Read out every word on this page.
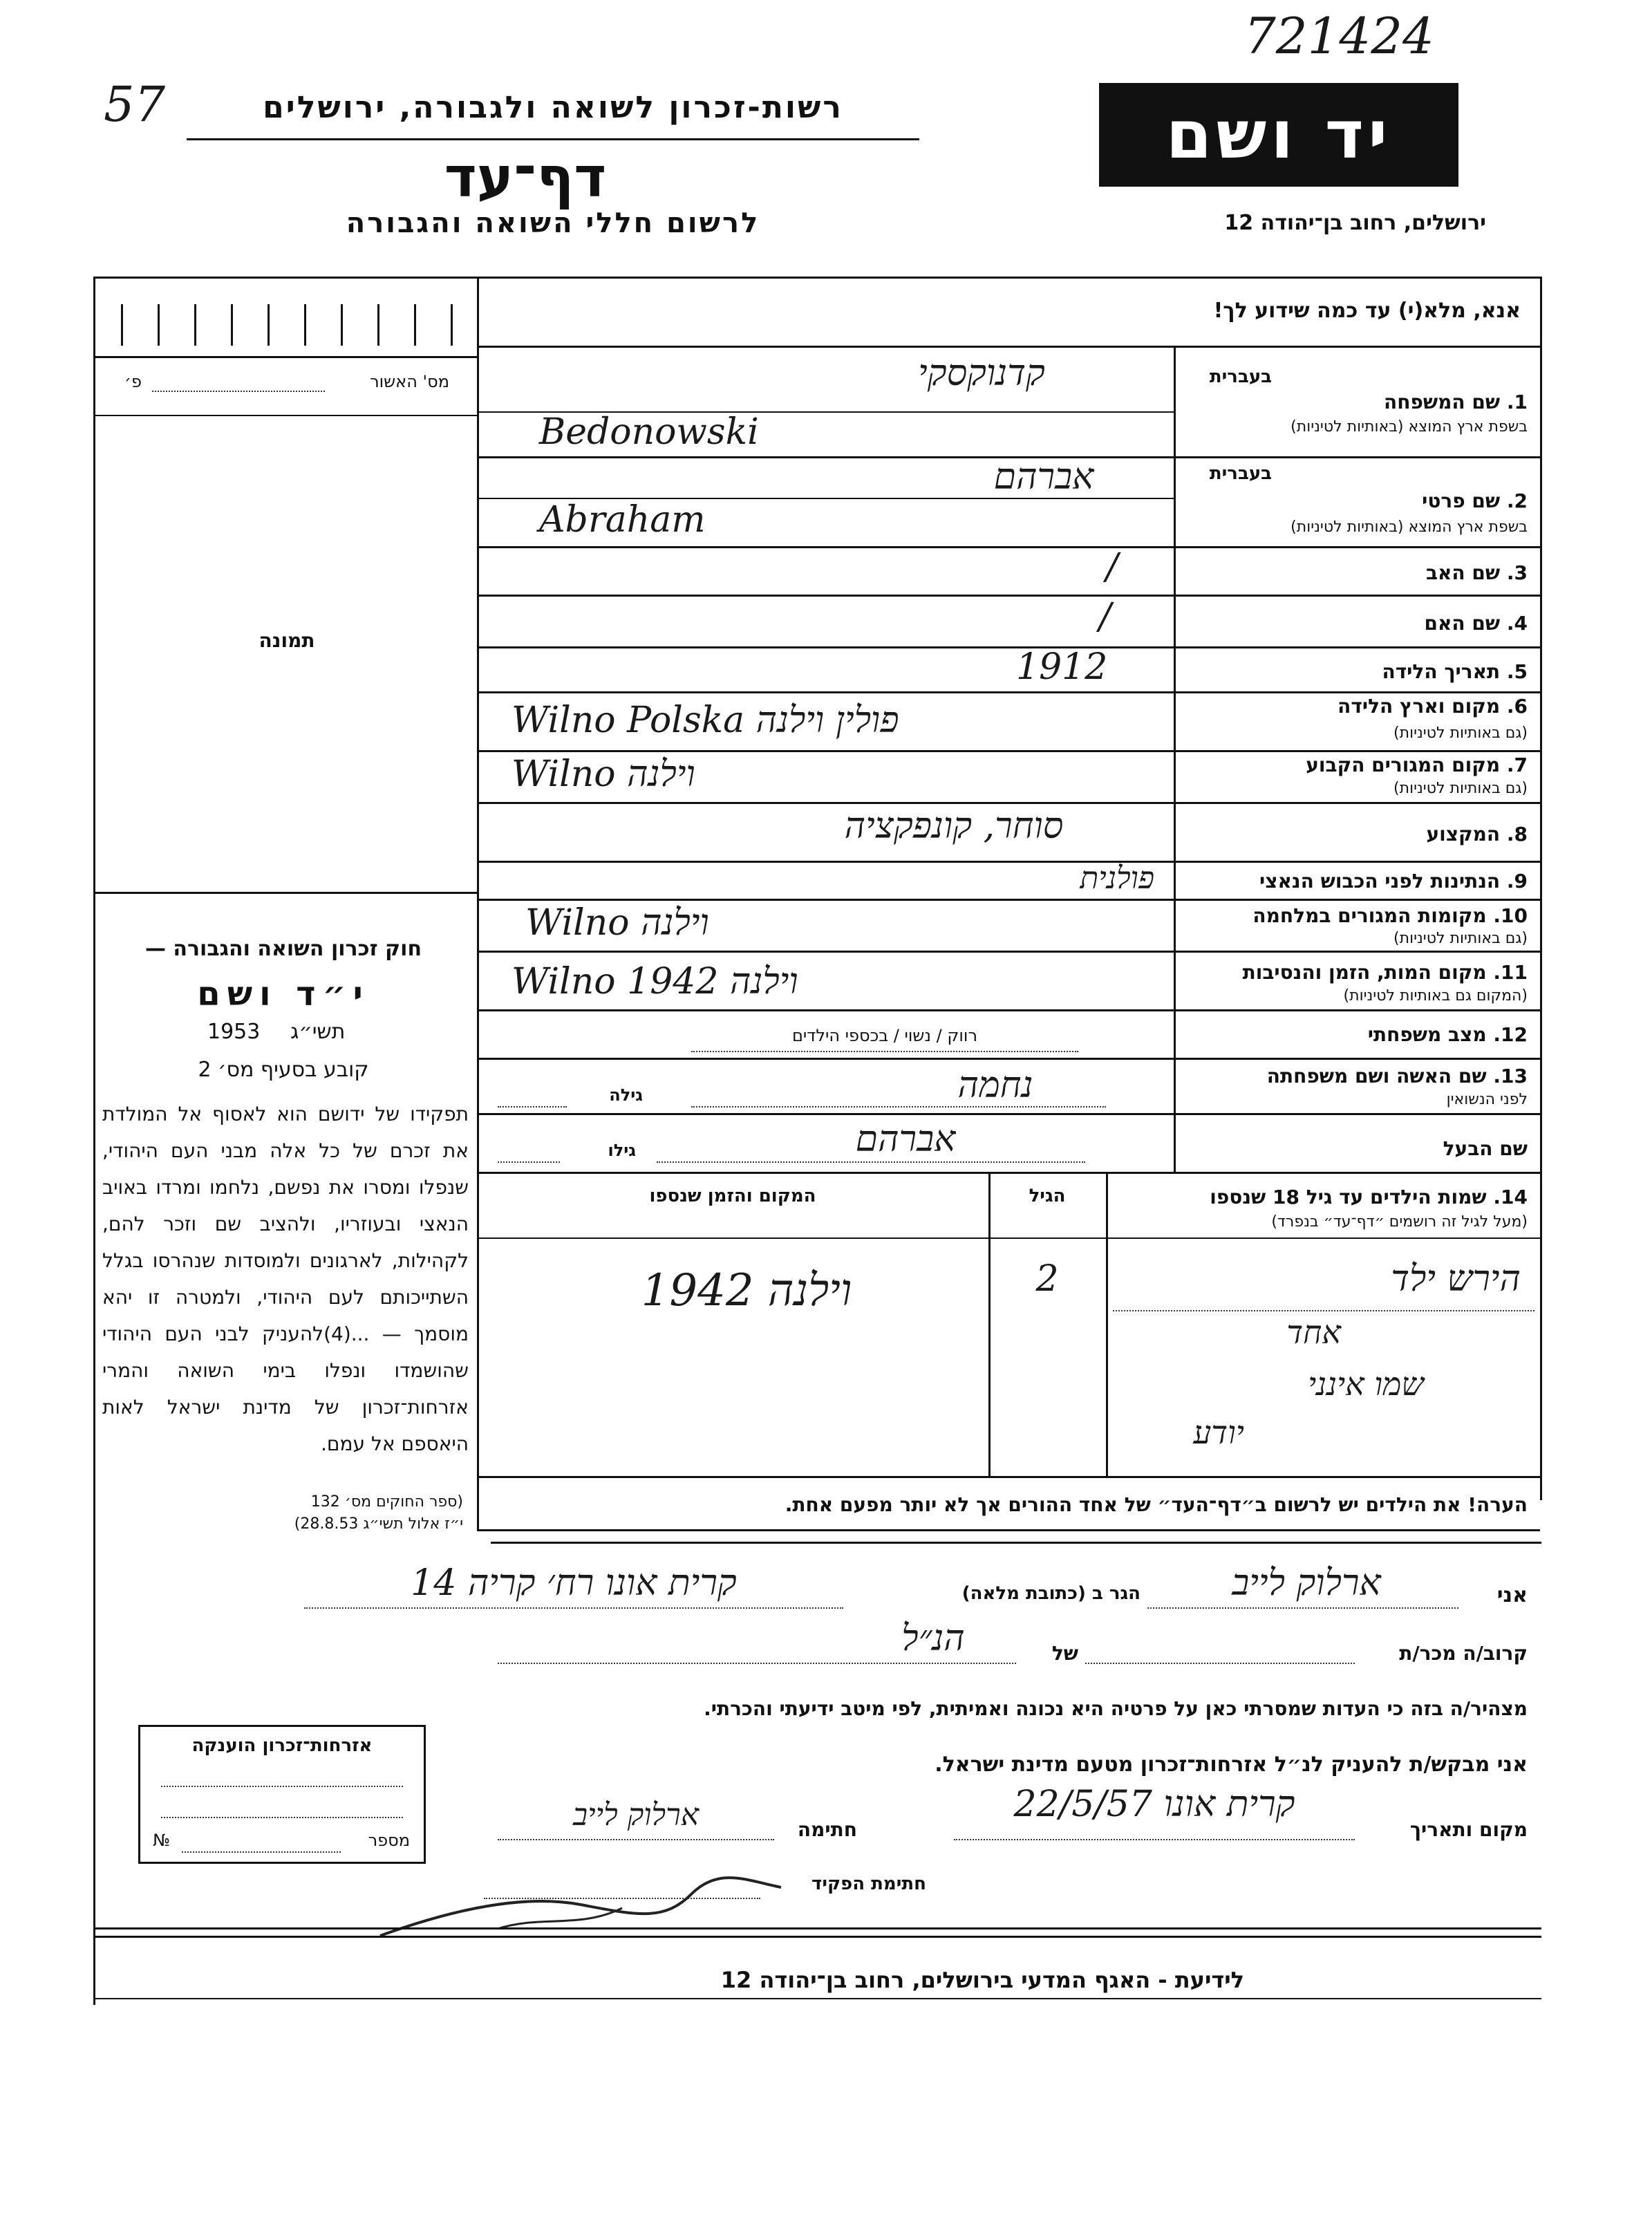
721424
57	רשות-זכרון לשואה ולגבורה, ירושלים
דף־עד
לרשום חללי השואה והגבורה
יד ושם
ירושלים, רחוב בן־יהודה 12
מס' האשור
פ׳
תמונה
חוק זכרון השואה והגבורה —
י״ד ושם
1953 תשי״ג
קובע בסעיף מס׳ 2
תפקידו של ידושם הוא לאסוף אל המולדת את זכרם של כל אלה מבני העם היהודי, שנפלו ומסרו את נפשם, נלחמו ומרדו באויב הנאצי ובעוזריו, ולהציב שם וזכר להם, לקהילות, לארגונים ולמוסדות שנהרסו בגלל השתייכותם לעם היהודי, ולמטרה זו יהא מוסמך — ...(4)להעניק לבני העם היהודי שהושמדו ונפלו בימי השואה והמרי אזרחות־זכרון של מדינת ישראל לאות היאספם אל עמם.
(ספר החוקים מס׳ 132
י״ז אלול תשי״ג 28.8.53)
אנא, מלא(י) עד כמה שידוע לך!
בעברית
1. שם המשפחה
בשפת ארץ המוצא (באותיות לטיניות)
קדנוקסקי
Bedonowski
בעברית
2. שם פרטי
בשפת ארץ המוצא (באותיות לטיניות)
אברהם
Abraham
3. שם האב
/
4. שם האם
/
5. תאריך הלידה
1912
6. מקום וארץ הלידה
(גם באותיות לטיניות)
Wilno Polska פולין וילנה
7. מקום המגורים הקבוע
(גם באותיות לטיניות)
Wilno וילנה
8. המקצוע
סוחר, קונפקציה
9. הנתינות לפני הכבוש הנאצי
פולנית
10. מקומות המגורים במלחמה
(גם באותיות לטיניות)
Wilno וילנה
11. מקום המות, הזמן והנסיבות
(המקום גם באותיות לטיניות)
Wilno 1942 וילנה
12. מצב משפחתי
רווק / נשוי / בכספי הילדים
13. שם האשה ושם משפחתה
לפני הנשואין
נחמה
גילה
שם הבעל
אברהם
גילו
14. שמות הילדים עד גיל 18 שנספו
(מעל לגיל זה רושמים ״דף־עד״ בנפרד)
הגיל
המקום והזמן שנספו
הירש ילד
2
וילנה 1942
אחד
שמו אינני
יודע
הערה! את הילדים יש לרשום ב״דף־העד״ של אחד ההורים אך לא יותר מפעם אחת.
אני
ארלוק לייב
הגר ב (כתובת מלאה)
קרית אונו רח׳ קריה 14
קרוב/ה מכר/ת
של
הנ״ל
מצהיר/ה בזה כי העדות שמסרתי כאן על פרטיה היא נכונה ואמיתית, לפי מיטב ידיעתי והכרתי.
אני מבקש/ת להעניק לנ״ל אזרחות־זכרון מטעם מדינת ישראל.
מקום ותאריך
קרית אונו 22/5/57
חתימה
ארלוק לייב
חתימת הפקיד
אזרחות־זכרון הוענקה
№	מספר
לידיעת - האגף המדעי בירושלים, רחוב בן־יהודה 12
